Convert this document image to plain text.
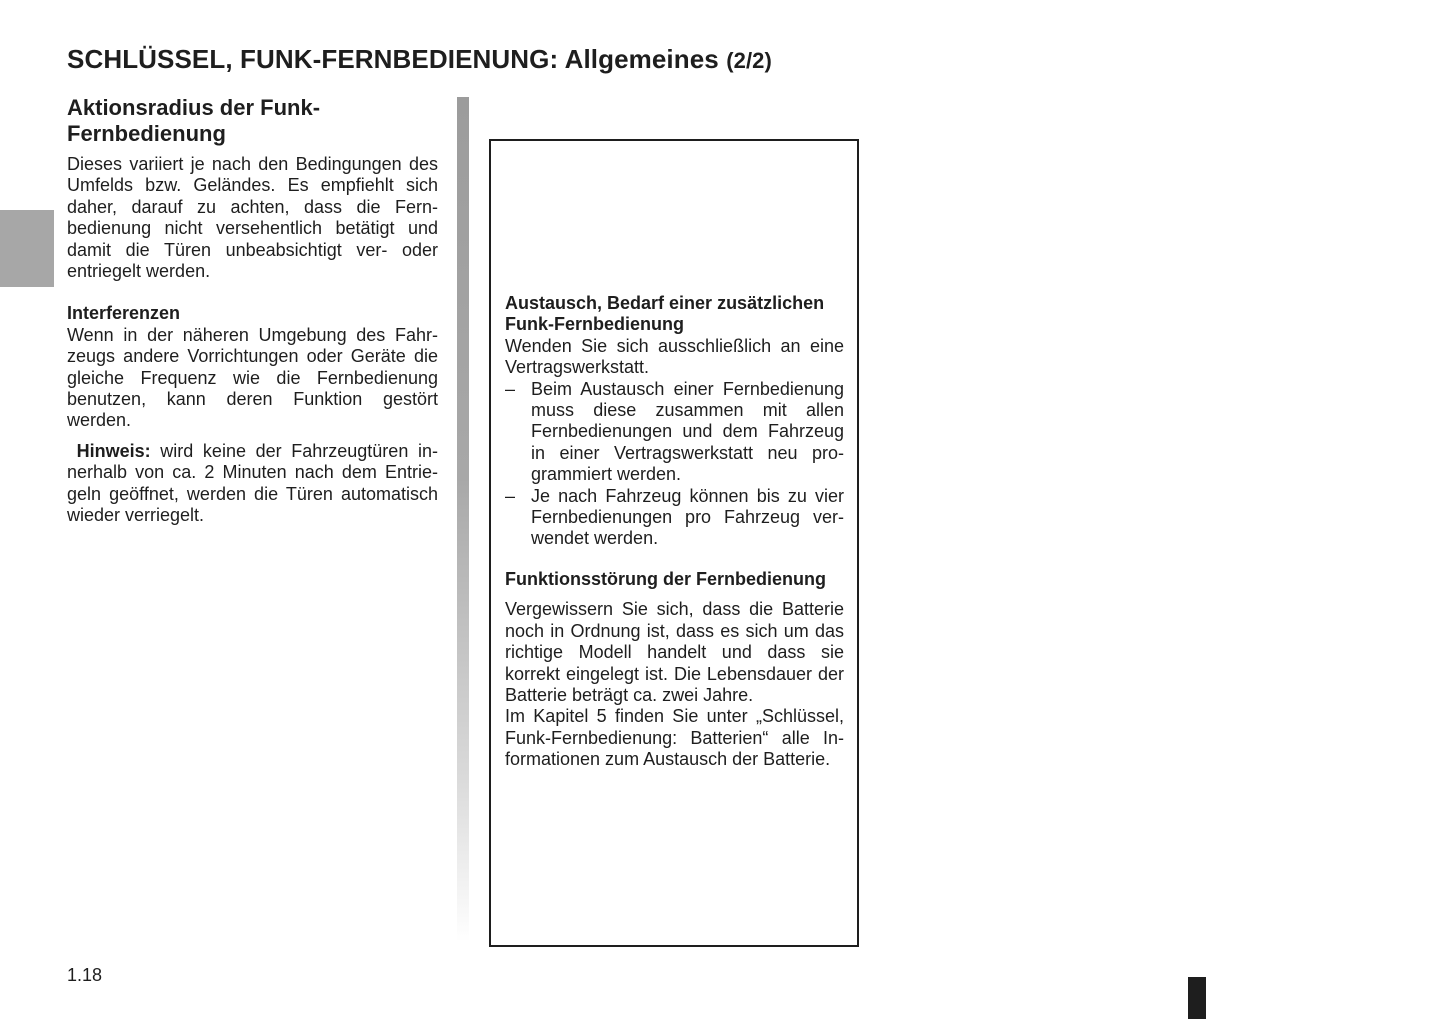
SCHLÜSSEL, FUNK-FERNBEDIENUNG: Allgemeines (2/2)
Aktionsradius der Funk-Fernbedienung

Dieses variiert je nach den Bedingungen des Umfelds bzw. Geländes. Es empfiehlt sich daher, darauf zu achten, dass die Fernbedienung nicht versehentlich betätigt und damit die Türen unbeabsichtigt ver- oder entriegelt werden.

Interferenzen

Wenn in der näheren Umgebung des Fahrzeugs andere Vorrichtungen oder Geräte die gleiche Frequenz wie die Fernbedienung benutzen, kann deren Funktion gestört werden.

Hinweis: wird keine der Fahrzeugtüren innerhalb von ca. 2 Minuten nach dem Entriegeln geöffnet, werden die Türen automatisch wieder verriegelt.

Austausch, Bedarf einer zusätzlichen Funk-Fernbedienung

Wenden Sie sich ausschließlich an eine Vertragswerkstatt.

– Beim Austausch einer Fernbedienung muss diese zusammen mit allen Fernbedienungen und dem Fahrzeug in einer Vertragswerkstatt neu programmiert werden.
– Je nach Fahrzeug können bis zu vier Fernbedienungen pro Fahrzeug verwendet werden.
Funktionsstörung der Fernbedienung

Vergewissern Sie sich, dass die Batterie noch in Ordnung ist, dass es sich um das richtige Modell handelt und dass sie korrekt eingelegt ist. Die Lebensdauer der Batterie beträgt ca. zwei Jahre.

Im Kapitel 5 finden Sie unter „Schlüssel, Funk-Fernbedienung: Batterien“ alle Informationen zum Austausch der Batterie.

1.18
